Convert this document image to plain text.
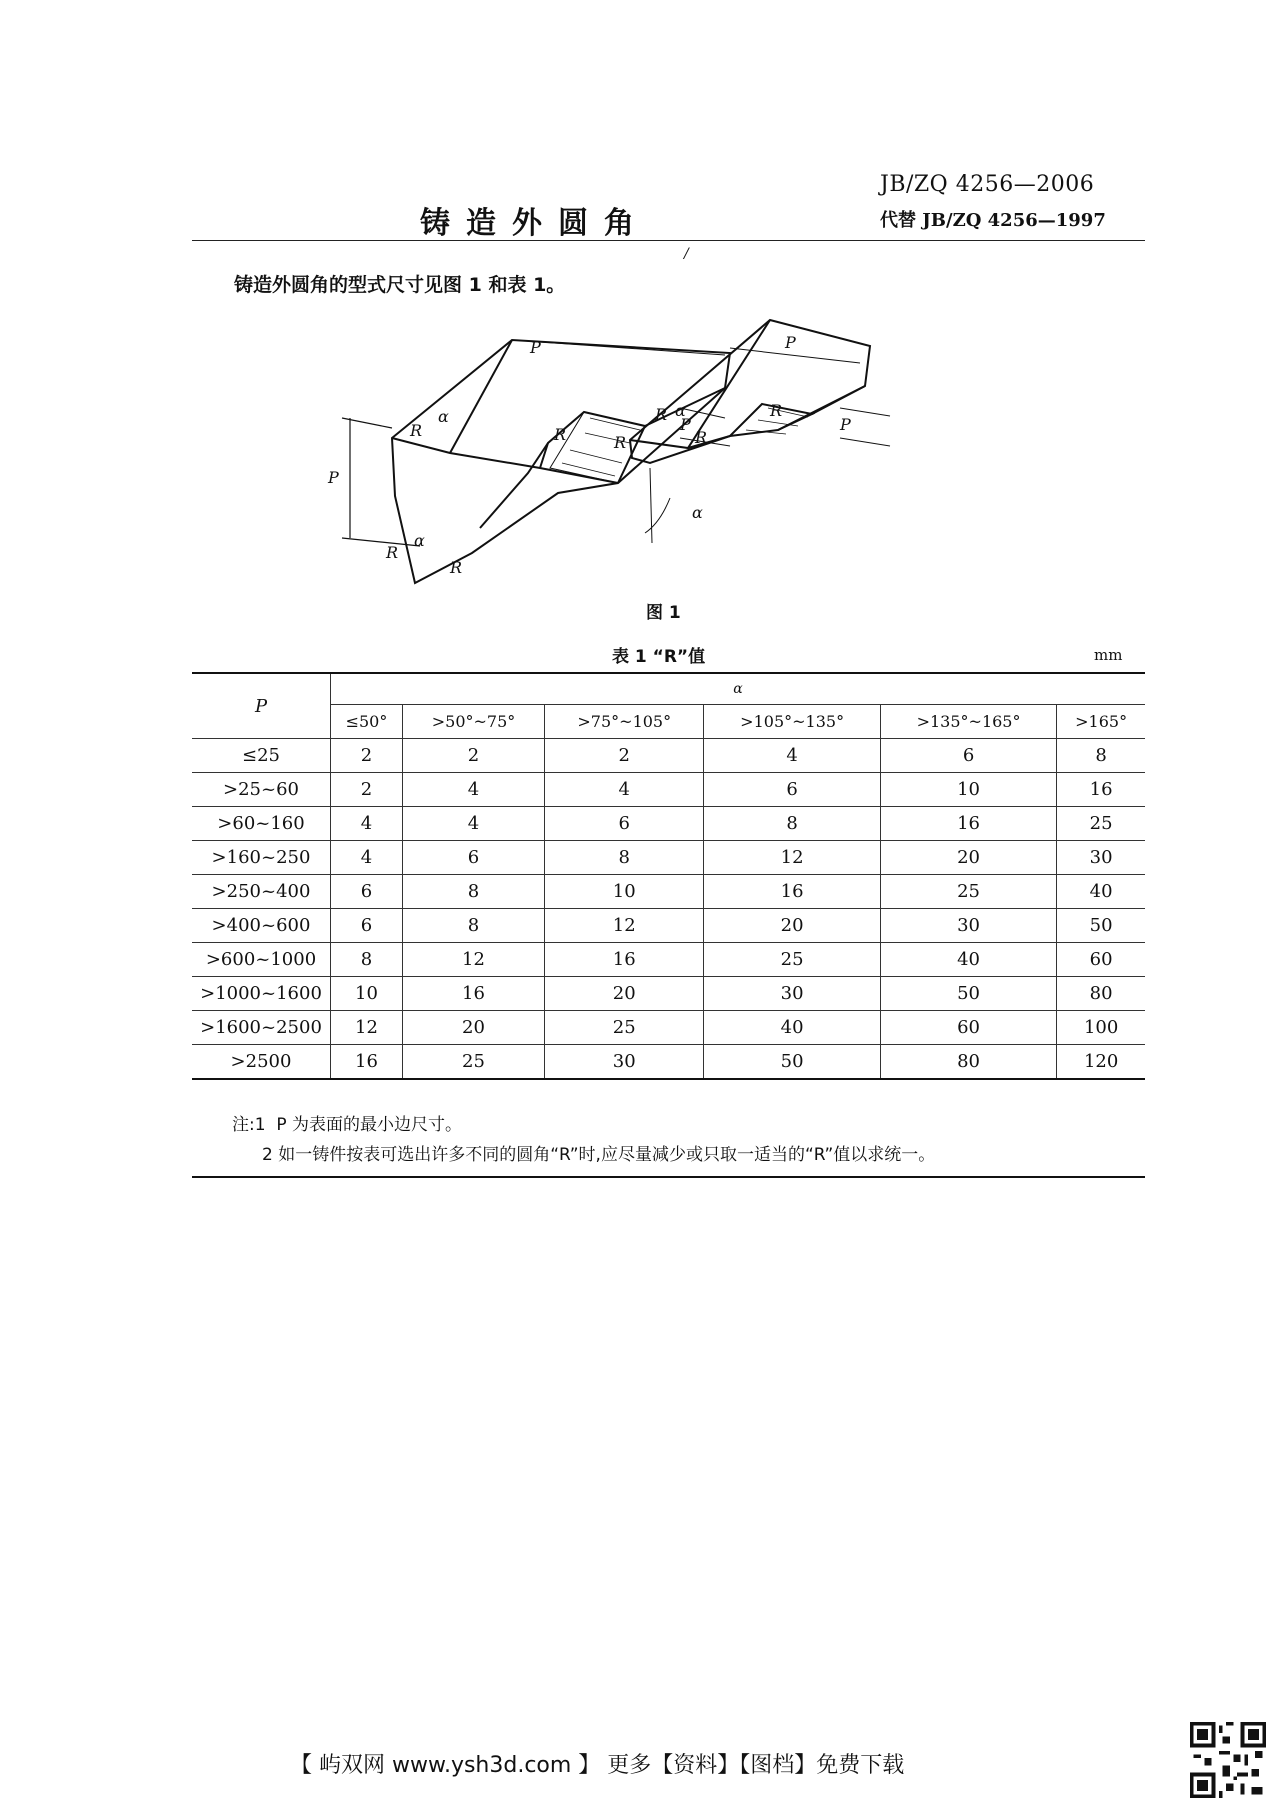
JB/ZQ 4256—2006
铸造外圆角	代替 JB/ZQ 4256—1997
/
铸造外圆角的型式尺寸见图 1 和表 1。
P
P
P
R
α
R	R
R
α
R
α
P
P
R α
R
R
图 1
表 1 “R”值	mm
P	α					
	≤50°	>50°~75°	>75°~105°	>105°~135°	>135°~165°	>165°
≤25	2	2	2	4	6	8
>25~60	2	4	4	6	10	16
>60~160	4	4	6	8	16	25
>160~250	4	6	8	12	20	30
>250~400	6	8	10	16	25	40
>400~600	6	8	12	20	30	50
>600~1000	8	12	16	25	40	60
>1000~1600	10	16	20	30	50	80
>1600~2500	12	20	25	40	60	100
>2500	16	25	30	50	80	120
注:1 P 为表面的最小边尺寸。
2 如一铸件按表可选出许多不同的圆角“R”时,应尽量减少或只取一适当的“R”值以求统一。
【 屿双网 www.ysh3d.com 】 更多【资料】【图档】免费下载
